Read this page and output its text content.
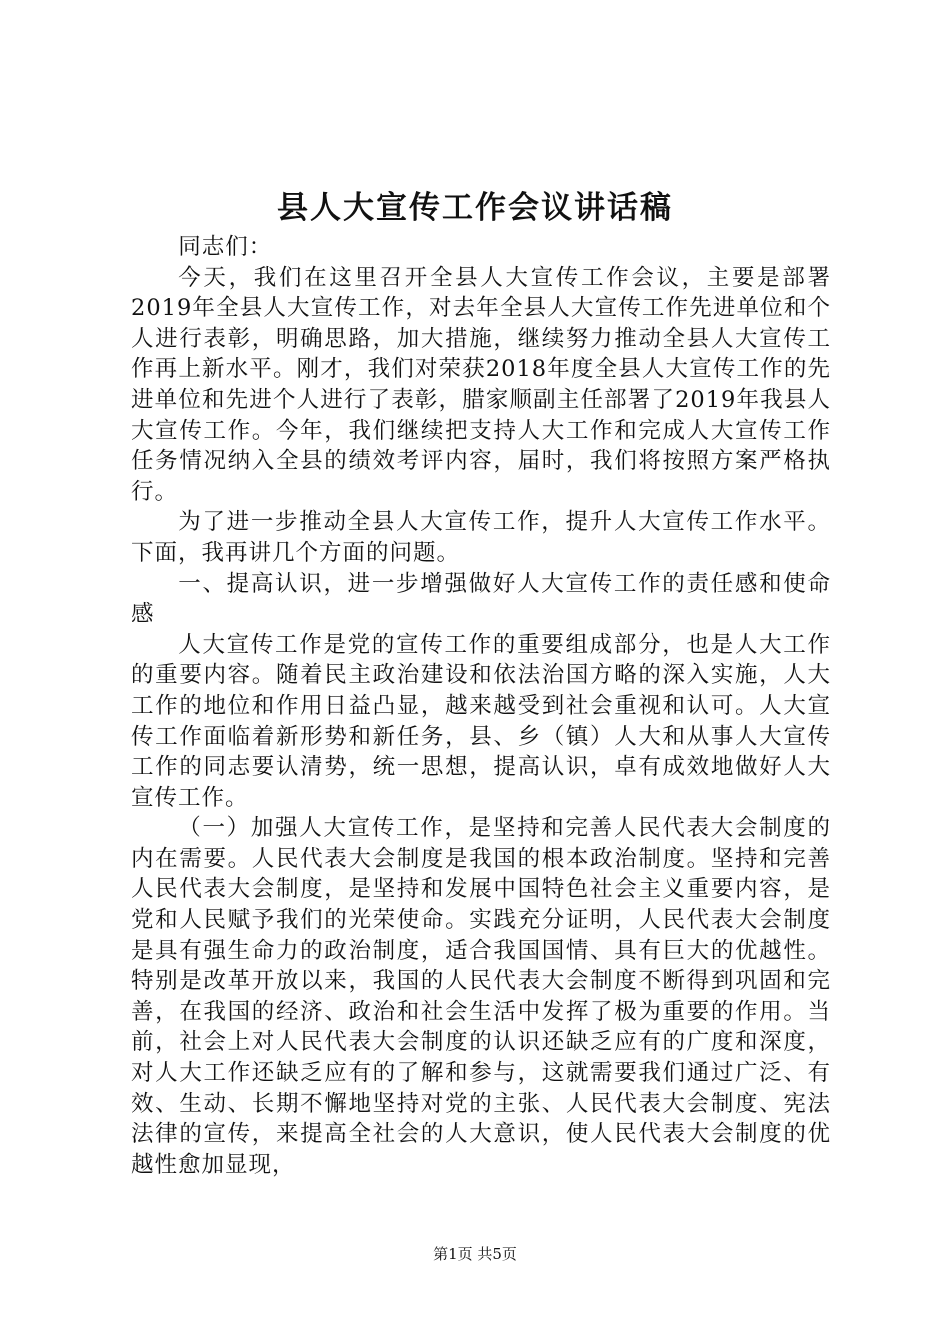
县人大宣传工作会议讲话稿

同志们：

今天，我们在这里召开全县人大宣传工作会议，主要是部署2019年全县人大宣传工作，对去年全县人大宣传工作先进单位和个人进行表彰，明确思路，加大措施，继续努力推动全县人大宣传工作再上新水平。刚才，我们对荣获2018年度全县人大宣传工作的先进单位和先进个人进行了表彰，腊家顺副主任部署了2019年我县人大宣传工作。今年，我们继续把支持人大工作和完成人大宣传工作任务情况纳入全县的绩效考评内容，届时，我们将按照方案严格执行。

为了进一步推动全县人大宣传工作，提升人大宣传工作水平。下面，我再讲几个方面的问题。

一、提高认识，进一步增强做好人大宣传工作的责任感和使命感

人大宣传工作是党的宣传工作的重要组成部分，也是人大工作的重要内容。随着民主政治建设和依法治国方略的深入实施，人大工作的地位和作用日益凸显，越来越受到社会重视和认可。人大宣传工作面临着新形势和新任务，县、乡（镇）人大和从事人大宣传工作的同志要认清势，统一思想，提高认识，卓有成效地做好人大宣传工作。

（一）加强人大宣传工作，是坚持和完善人民代表大会制度的内在需要。人民代表大会制度是我国的根本政治制度。坚持和完善人民代表大会制度，是坚持和发展中国特色社会主义重要内容，是党和人民赋予我们的光荣使命。实践充分证明，人民代表大会制度是具有强生命力的政治制度，适合我国国情、具有巨大的优越性。特别是改革开放以来，我国的人民代表大会制度不断得到巩固和完善，在我国的经济、政治和社会生活中发挥了极为重要的作用。当前，社会上对人民代表大会制度的认识还缺乏应有的广度和深度，对人大工作还缺乏应有的了解和参与，这就需要我们通过广泛、有效、生动、长期不懈地坚持对党的主张、人民代表大会制度、宪法法律的宣传，来提高全社会的人大意识，使人民代表大会制度的优越性愈加显现，

第1页 共5页
